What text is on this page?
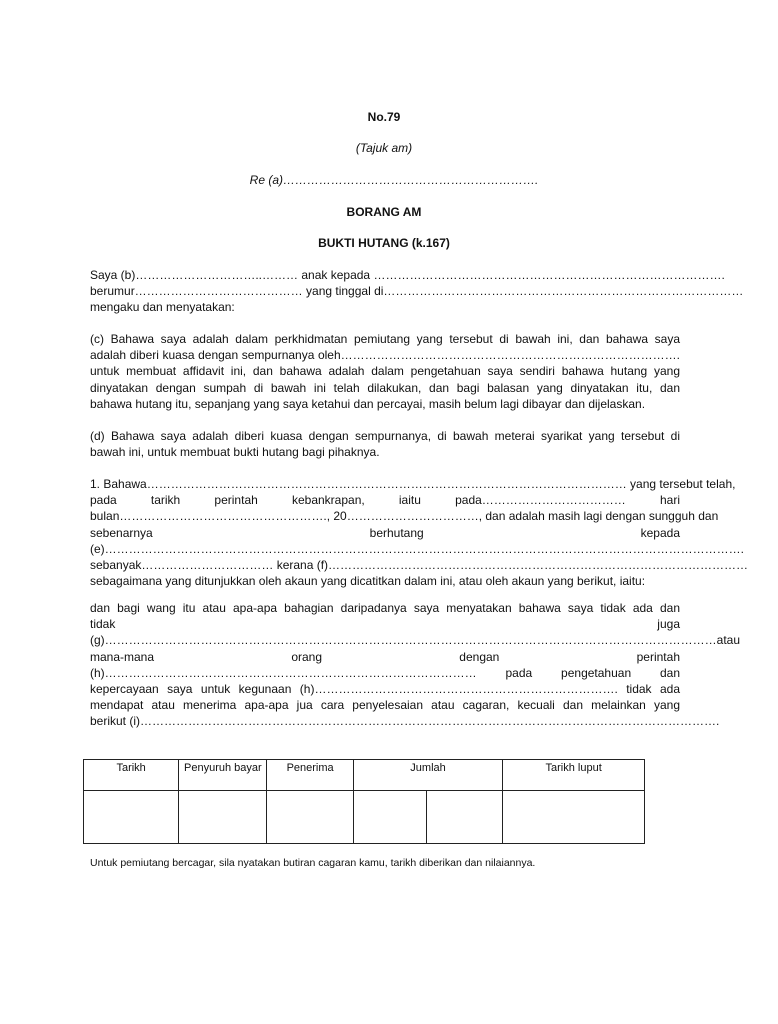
No.79
(Tajuk am)
Re (a)……………………………………………………….
BORANG AM
BUKTI HUTANG (k.167)
Saya (b)…………………………..……… anak kepada …………………………………………………………………………….
berumur…………………………………… yang tinggal di………………………………………………………………………………
mengaku dan menyatakan:
(c) Bahawa saya adalah dalam perkhidmatan pemiutang yang tersebut di bawah ini, dan bahawa saya
adalah diberi kuasa dengan sempurnanya oleh………………………………………………………………………….
untuk membuat affidavit ini, dan bahawa adalah dalam pengetahuan saya sendiri bahawa hutang yang
dinyatakan dengan sumpah di bawah ini telah dilakukan, dan bagi balasan yang dinyatakan itu, dan
bahawa hutang itu, sepanjang yang saya ketahui dan percayai, masih belum lagi dibayar dan dijelaskan.
(d) Bahawa saya adalah diberi kuasa dengan sempurnanya, di bawah meterai syarikat yang tersebut di
bawah ini, untuk membuat bukti hutang bagi pihaknya.
1. Bahawa………………………………………………………………………………………………………… yang tersebut telah,
pada tarikh perintah kebankrapan, iaitu pada……………………………… hari
bulan……………………………………………., 20……………………………, dan adalah masih lagi dengan sungguh dan
sebenarnya berhutang kepada
(e)…………………………………………………………………………………………………………………………………………….
sebanyak…………………………… kerana (f)……………………………………………………………………………………………
sebagaimana yang ditunjukkan oleh akaun yang dicatitkan dalam ini, atau oleh akaun yang berikut, iaitu:
dan bagi wang itu atau apa-apa bahagian daripadanya saya menyatakan bahawa saya tidak ada dan
tidak juga
(g)………………………………………………………………………………………………………………………………………atau
mana-mana orang dengan perintah
(h)………………………………………………………………………………… pada pengetahuan dan
kepercayaan saya untuk kegunaan (h)…………………………………………………………………. tidak ada
mendapat atau menerima apa-apa jua cara penyelesaian atau cagaran, kecuali dan melainkan yang
berikut (i)……………………………………………………………………………………………………………………………….
Tarikh	Penyuruh bayar	Penerima	Jumlah		Tarikh luput

Untuk pemiutang bercagar, sila nyatakan butiran cagaran kamu, tarikh diberikan dan nilaiannya.
